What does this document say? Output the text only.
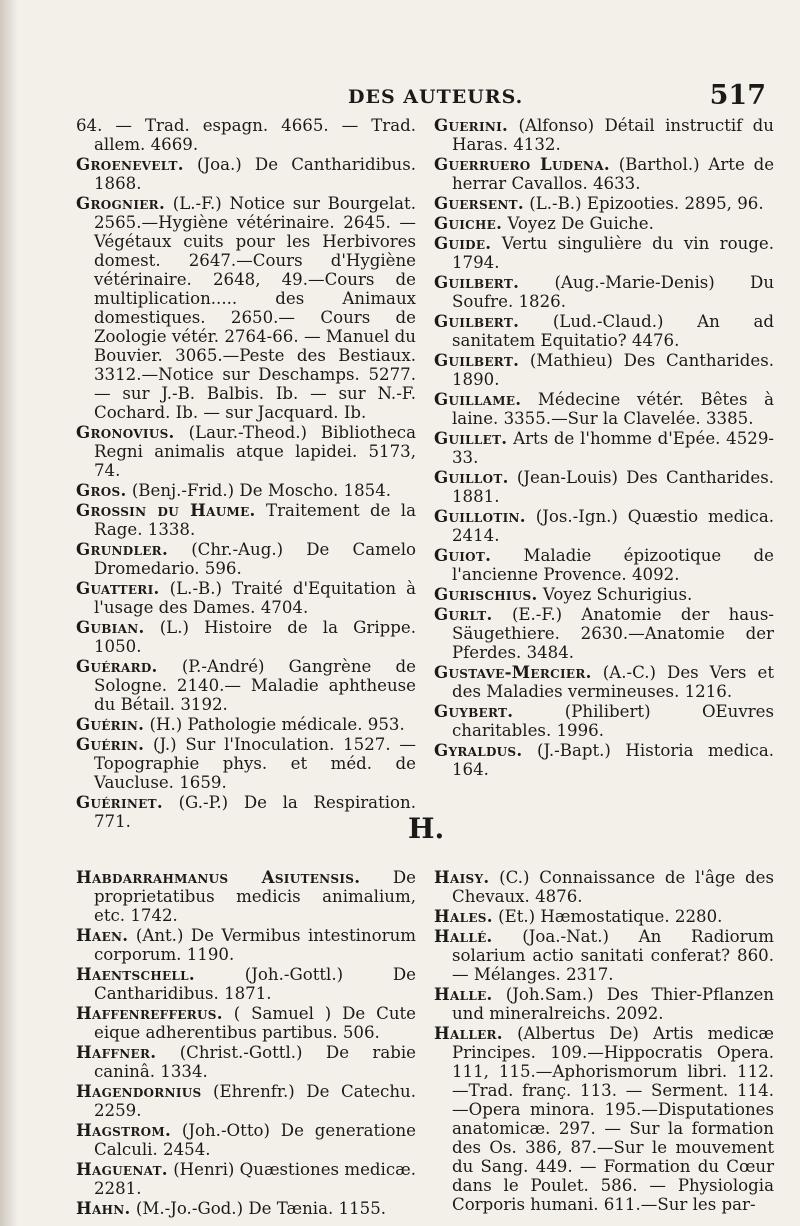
DES AUTEURS.	517

64. — Trad. espagn. 4665. — Trad. allem. 4669.

Groenevelt. (Joa.) De Cantharidibus. 1868.

Grognier. (L.-F.) Notice sur Bourgelat. 2565.—Hygiène vétérinaire. 2645. —Végétaux cuits pour les Herbivores domest. 2647.—Cours d'Hygiène vétérinaire. 2648, 49.—Cours de multiplication..... des Animaux domestiques. 2650.— Cours de Zoologie vétér. 2764-66. — Manuel du Bouvier. 3065.—Peste des Bestiaux. 3312.—Notice sur Deschamps. 5277. — sur J.-B. Balbis. Ib. — sur N.-F. Cochard. Ib. — sur Jacquard. Ib.

Gronovius. (Laur.-Theod.) Bibliotheca Regni animalis atque lapidei. 5173, 74.

Gros. (Benj.-Frid.) De Moscho. 1854.

Grossin du Haume. Traitement de la Rage. 1338.

Grundler. (Chr.-Aug.) De Camelo Dromedario. 596.

Guatteri. (L.-B.) Traité d'Equitation à l'usage des Dames. 4704.

Gubian. (L.) Histoire de la Grippe. 1050.

Guérard. (P.-André) Gangrène de Sologne. 2140.— Maladie aphtheuse du Bétail. 3192.

Guérin. (H.) Pathologie médicale. 953.

Guérin. (J.) Sur l'Inoculation. 1527. —Topographie phys. et méd. de Vaucluse. 1659.

Guérinet. (G.-P.) De la Respiration. 771.

Guerini. (Alfonso) Détail instructif du Haras. 4132.

Guerruero Ludena. (Barthol.) Arte de herrar Cavallos. 4633.

Guersent. (L.-B.) Epizooties. 2895, 96.

Guiche. Voyez De Guiche.

Guide. Vertu singulière du vin rouge. 1794.

Guilbert. (Aug.-Marie-Denis) Du Soufre. 1826.

Guilbert. (Lud.-Claud.) An ad sanitatem Equitatio? 4476.

Guilbert. (Mathieu) Des Cantharides. 1890.

Guillame. Médecine vétér. Bêtes à laine. 3355.—Sur la Clavelée. 3385.

Guillet. Arts de l'homme d'Epée. 4529-33.

Guillot. (Jean-Louis) Des Cantharides. 1881.

Guillotin. (Jos.-Ign.) Quæstio medica. 2414.

Guiot. Maladie épizootique de l'ancienne Provence. 4092.

Gurischius. Voyez Schurigius.

Gurlt. (E.-F.) Anatomie der haus-Säugethiere. 2630.—Anatomie der Pferdes. 3484.

Gustave-Mercier. (A.-C.) Des Vers et des Maladies vermineuses. 1216.

Guybert.	(Philibert) OEuvres charitables. 1996.

Gyraldus. (J.-Bapt.) Historia medica. 164.

H.

Habdarrahmanus Asiutensis. De proprietatibus medicis animalium, etc. 1742.

Haen. (Ant.) De Vermibus intestinorum corporum. 1190.

Haentschell.	(Joh.-Gottl.) De Cantharidibus. 1871.

Haffenrefferus. ( Samuel ) De Cute eique adherentibus partibus. 506.

Haffner. (Christ.-Gottl.) De rabie caninâ. 1334.

Hagendornius (Ehrenfr.) De Catechu. 2259.

Hagstrom. (Joh.-Otto) De generatione Calculi. 2454.

Haguenat. (Henri) Quæstiones medicæ. 2281.

Hahn. (M.-Jo.-God.) De Tænia. 1155.

Haisy. (C.) Connaissance de l'âge des Chevaux. 4876.

Hales. (Et.) Hæmostatique. 2280.

Hallé. (Joa.-Nat.) An Radiorum solarium actio sanitati conferat? 860. — Mélanges. 2317.

Halle. (Joh.Sam.) Des Thier-Pflanzen und mineralreichs. 2092.

Haller. (Albertus De) Artis medicæ Principes. 109.—Hippocratis Opera. 111, 115.—Aphorismorum libri. 112. —Trad. franç. 113. — Serment. 114. —Opera minora. 195.—Disputationes anatomicæ. 297. — Sur la formation des Os. 386, 87.—Sur le mouvement du Sang. 449. — Formation du Cœur dans le Poulet. 586. — Physiologia Corporis humani. 611.—Sur les par-
